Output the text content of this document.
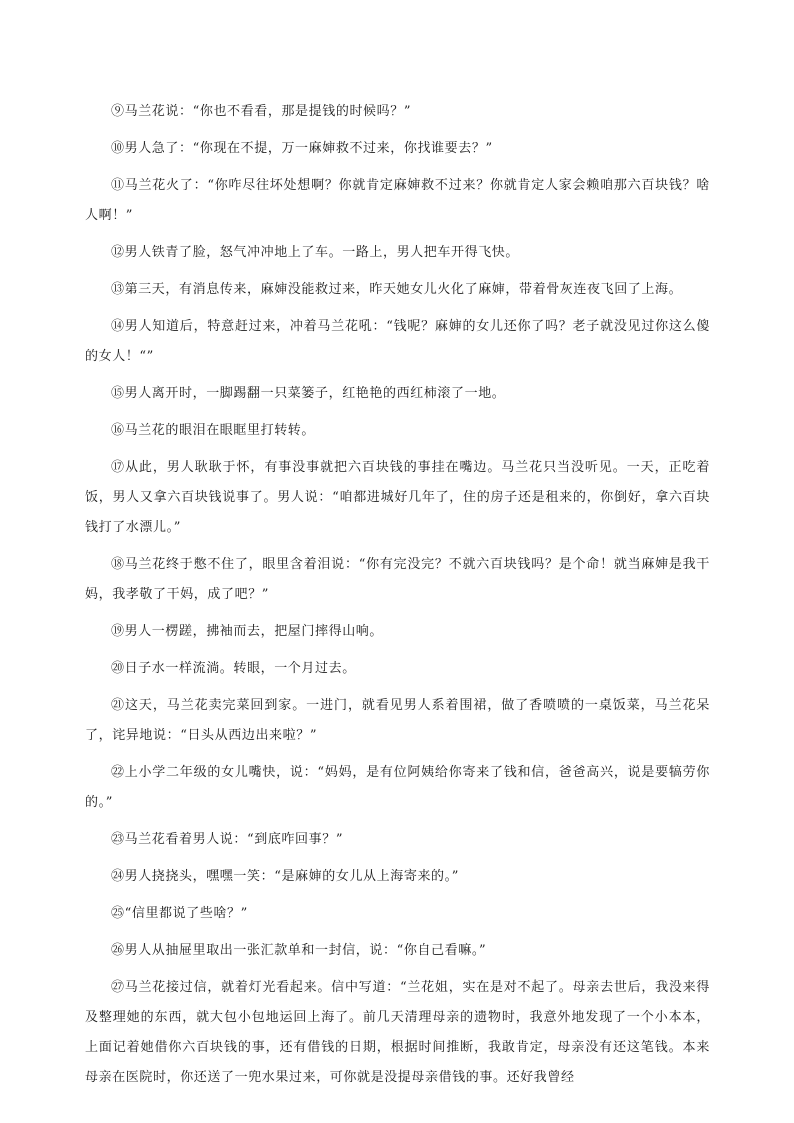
⑨马兰花说：“你也不看看，那是提钱的时候吗？”

⑩男人急了：“你现在不提，万一麻婶救不过来，你找谁要去？”

⑪马兰花火了：“你咋尽往坏处想啊？你就肯定麻婶救不过来？你就肯定人家会赖咱那六百块钱？啥人啊！”

⑫男人铁青了脸，怒气冲冲地上了车。一路上，男人把车开得飞快。

⑬第三天，有消息传来，麻婶没能救过来，昨天她女儿火化了麻婶，带着骨灰连夜飞回了上海。

⑭男人知道后，特意赶过来，冲着马兰花吼：“钱呢？麻婶的女儿还你了吗？老子就没见过你这么傻的女人！“”

⑮男人离开时，一脚踢翻一只菜篓子，红艳艳的西红柿滚了一地。

⑯马兰花的眼泪在眼眶里打转转。

⑰从此，男人耿耿于怀，有事没事就把六百块钱的事挂在嘴边。马兰花只当没听见。一天，正吃着饭，男人又拿六百块钱说事了。男人说：“咱都进城好几年了，住的房子还是租来的，你倒好，拿六百块钱打了水漂儿。”

⑱马兰花终于憋不住了，眼里含着泪说：“你有完没完？不就六百块钱吗？是个命！就当麻婶是我干妈，我孝敬了干妈，成了吧？”

⑲男人一楞蹉，拂袖而去，把屋门摔得山响。

⑳日子水一样流淌。转眼，一个月过去。

㉑这天，马兰花卖完菜回到家。一进门，就看见男人系着围裙，做了香喷喷的一桌饭菜，马兰花呆了，诧异地说：“日头从西边出来啦？”

㉒上小学二年级的女儿嘴快，说：“妈妈，是有位阿姨给你寄来了钱和信，爸爸高兴，说是要犒劳你的。”

㉓马兰花看着男人说：“到底咋回事？”

㉔男人挠挠头，嘿嘿一笑：“是麻婶的女儿从上海寄来的。”

㉕“信里都说了些啥？”

㉖男人从抽屉里取出一张汇款单和一封信，说：“你自己看嘛。”

㉗马兰花接过信，就着灯光看起来。信中写道：“兰花姐，实在是对不起了。母亲去世后，我没来得及整理她的东西，就大包小包地运回上海了。前几天清理母亲的遗物时，我意外地发现了一个小本本，上面记着她借你六百块钱的事，还有借钱的日期，根据时间推断，我敢肯定，母亲没有还这笔钱。本来母亲在医院时，你还送了一兜水果过来，可你就是没提母亲借钱的事。还好我曾经
